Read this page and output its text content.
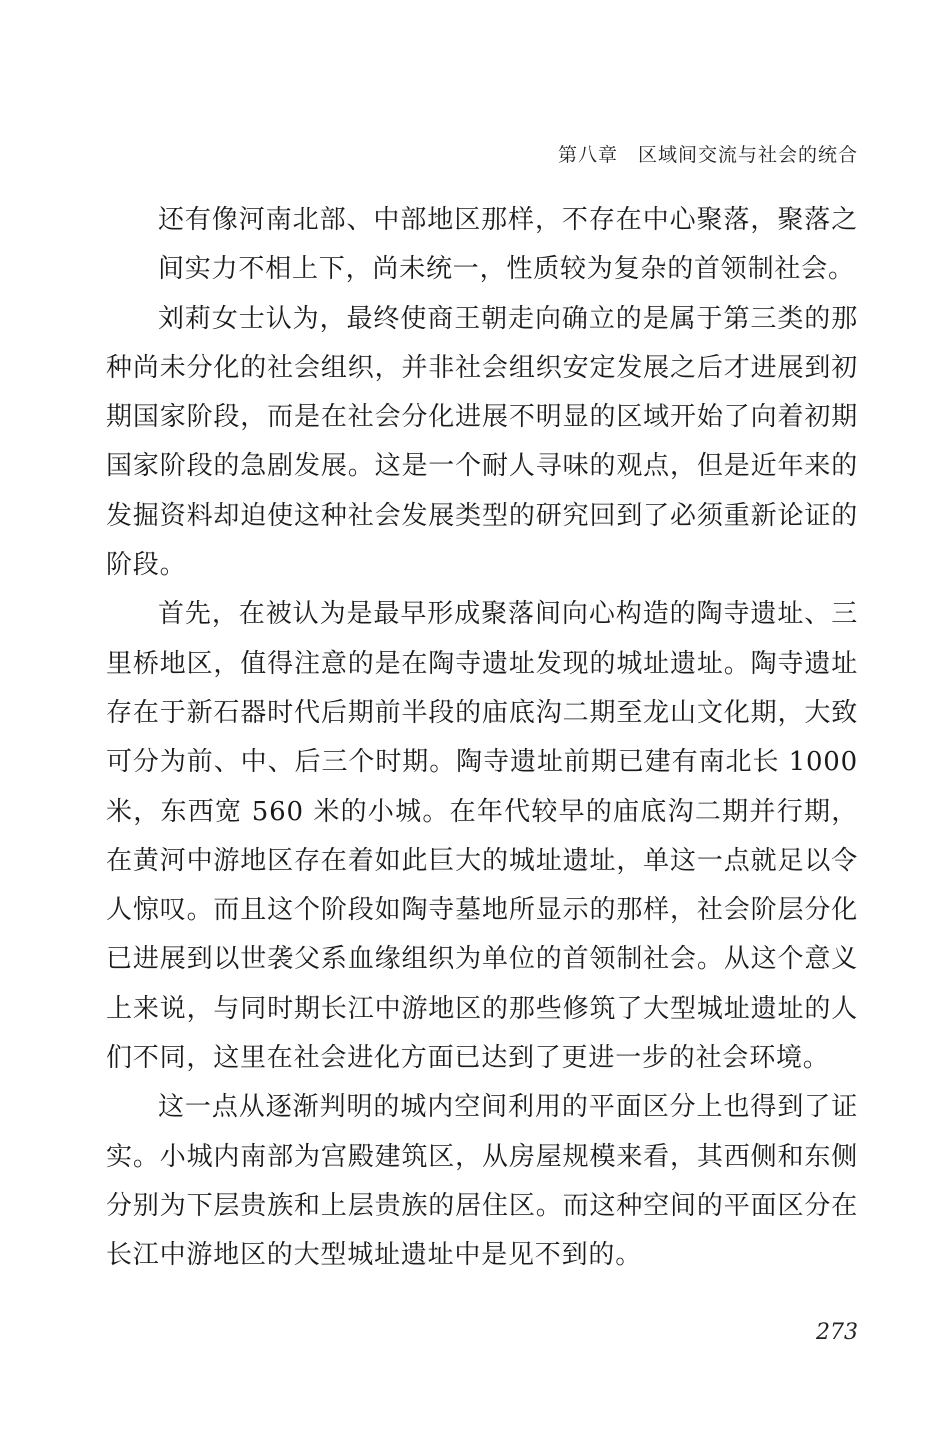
第八章　区域间交流与社会的统合

还有像河南北部、中部地区那样，不存在中心聚落，聚落之间实力不相上下，尚未统一，性质较为复杂的首领制社会。

刘莉女士认为，最终使商王朝走向确立的是属于第三类的那种尚未分化的社会组织，并非社会组织安定发展之后才进展到初期国家阶段，而是在社会分化进展不明显的区域开始了向着初期国家阶段的急剧发展。这是一个耐人寻味的观点，但是近年来的发掘资料却迫使这种社会发展类型的研究回到了必须重新论证的阶段。

首先，在被认为是最早形成聚落间向心构造的陶寺遗址、三里桥地区，值得注意的是在陶寺遗址发现的城址遗址。陶寺遗址存在于新石器时代后期前半段的庙底沟二期至龙山文化期，大致可分为前、中、后三个时期。陶寺遗址前期已建有南北长 1000 米，东西宽 560 米的小城。在年代较早的庙底沟二期并行期，在黄河中游地区存在着如此巨大的城址遗址，单这一点就足以令人惊叹。而且这个阶段如陶寺墓地所显示的那样，社会阶层分化已进展到以世袭父系血缘组织为单位的首领制社会。从这个意义上来说，与同时期长江中游地区的那些修筑了大型城址遗址的人们不同，这里在社会进化方面已达到了更进一步的社会环境。

这一点从逐渐判明的城内空间利用的平面区分上也得到了证实。小城内南部为宫殿建筑区，从房屋规模来看，其西侧和东侧分别为下层贵族和上层贵族的居住区。而这种空间的平面区分在长江中游地区的大型城址遗址中是见不到的。

273
